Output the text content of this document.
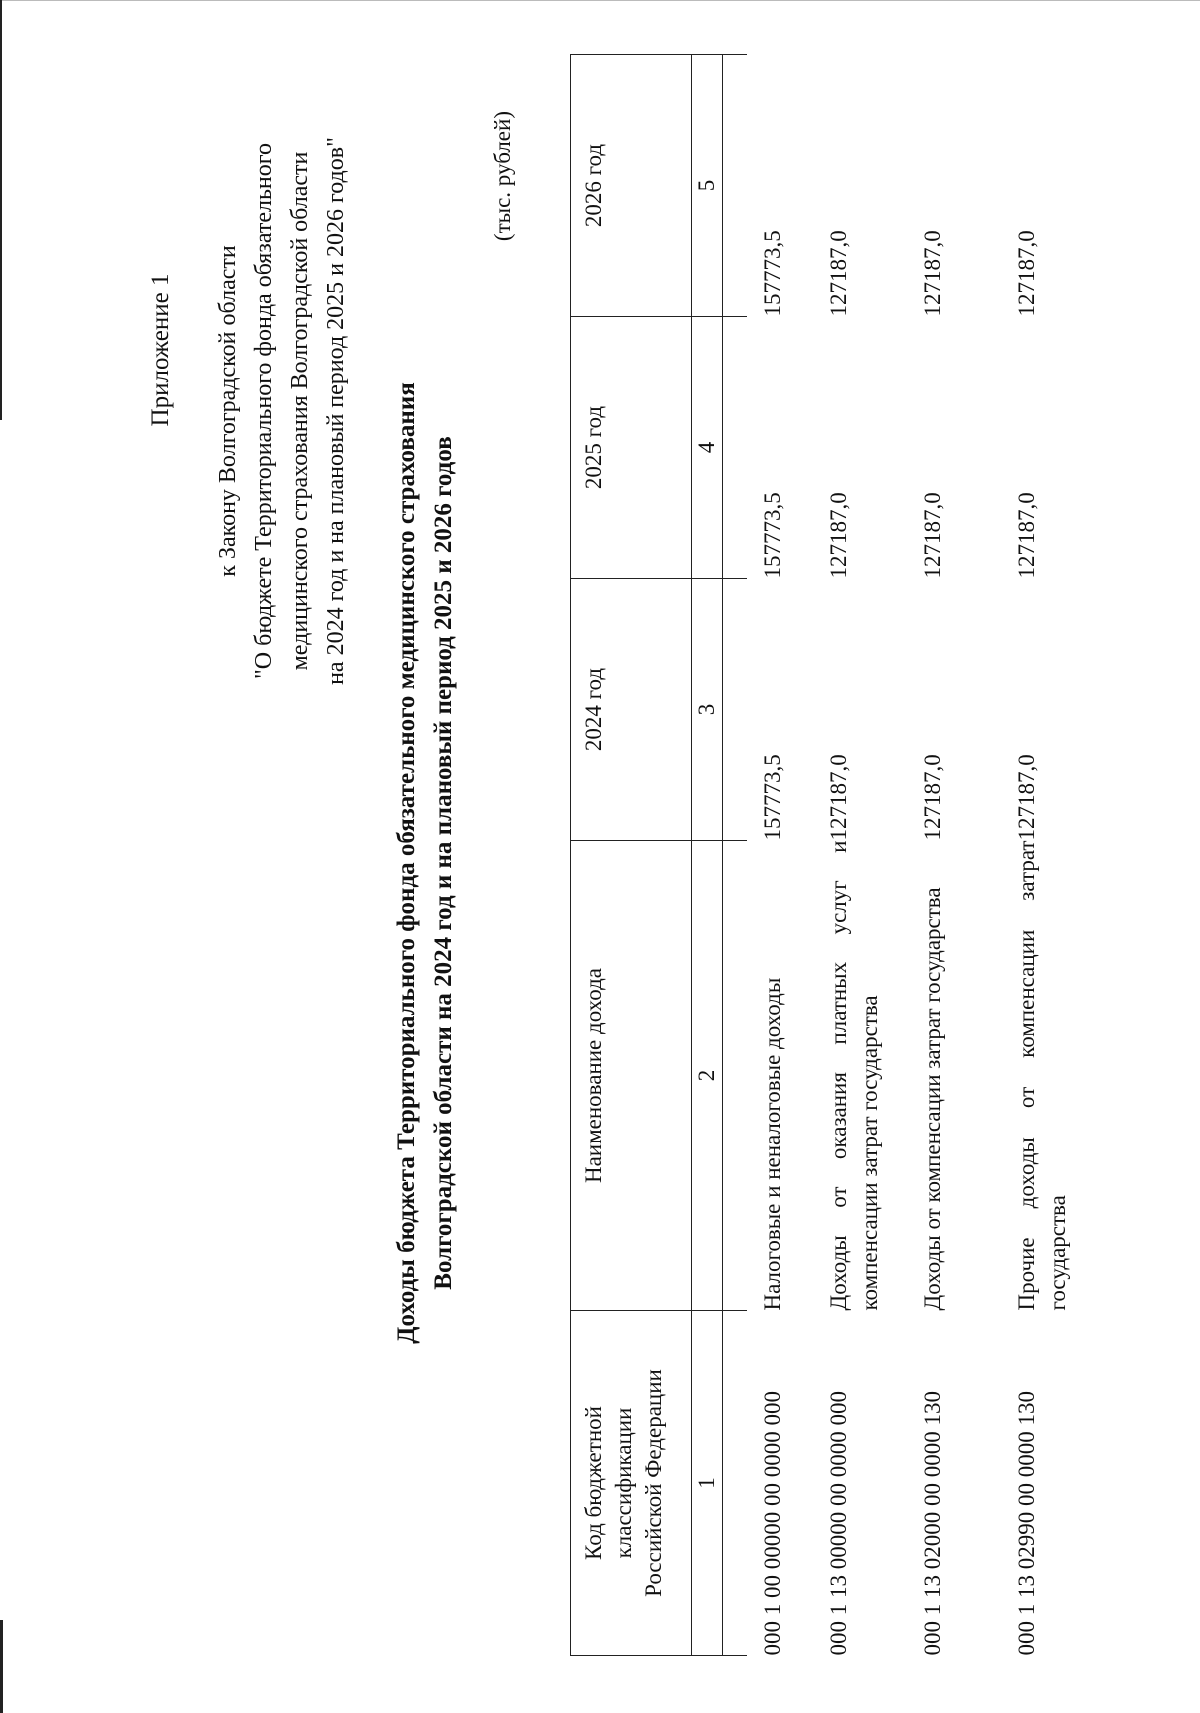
Приложение 1 к Закону Волгоградской области "О бюджете Территориального фонда обязательного медицинского страхования Волгоградской области на 2024 год и на плановый период 2025 и 2026 годов" Доходы бюджета Территориального фонда обязательного медицинского страхования Волгоградской области на 2024 год и на плановый период 2025 и 2026 годов
(тыс. рублей)
Код бюджетной классификации Российской Федерации	Наименование дохода	2024 год	2025 год	2026 год
1	2	3	4	5

000 1 00 00000 00 0000 000	Налоговые и неналоговые доходы	157773,5	157773,5	157773,5
000 1 13 00000 00 0000 000	Доходы от оказания платных услуг и компенсации затрат государства	127187,0	127187,0	127187,0
000 1 13 02000 00 0000 130	Доходы от компенсации затрат государства	127187,0	127187,0	127187,0
000 1 13 02990 00 0000 130	Прочие доходы от компенсации затрат государства	127187,0	127187,0	127187,0
